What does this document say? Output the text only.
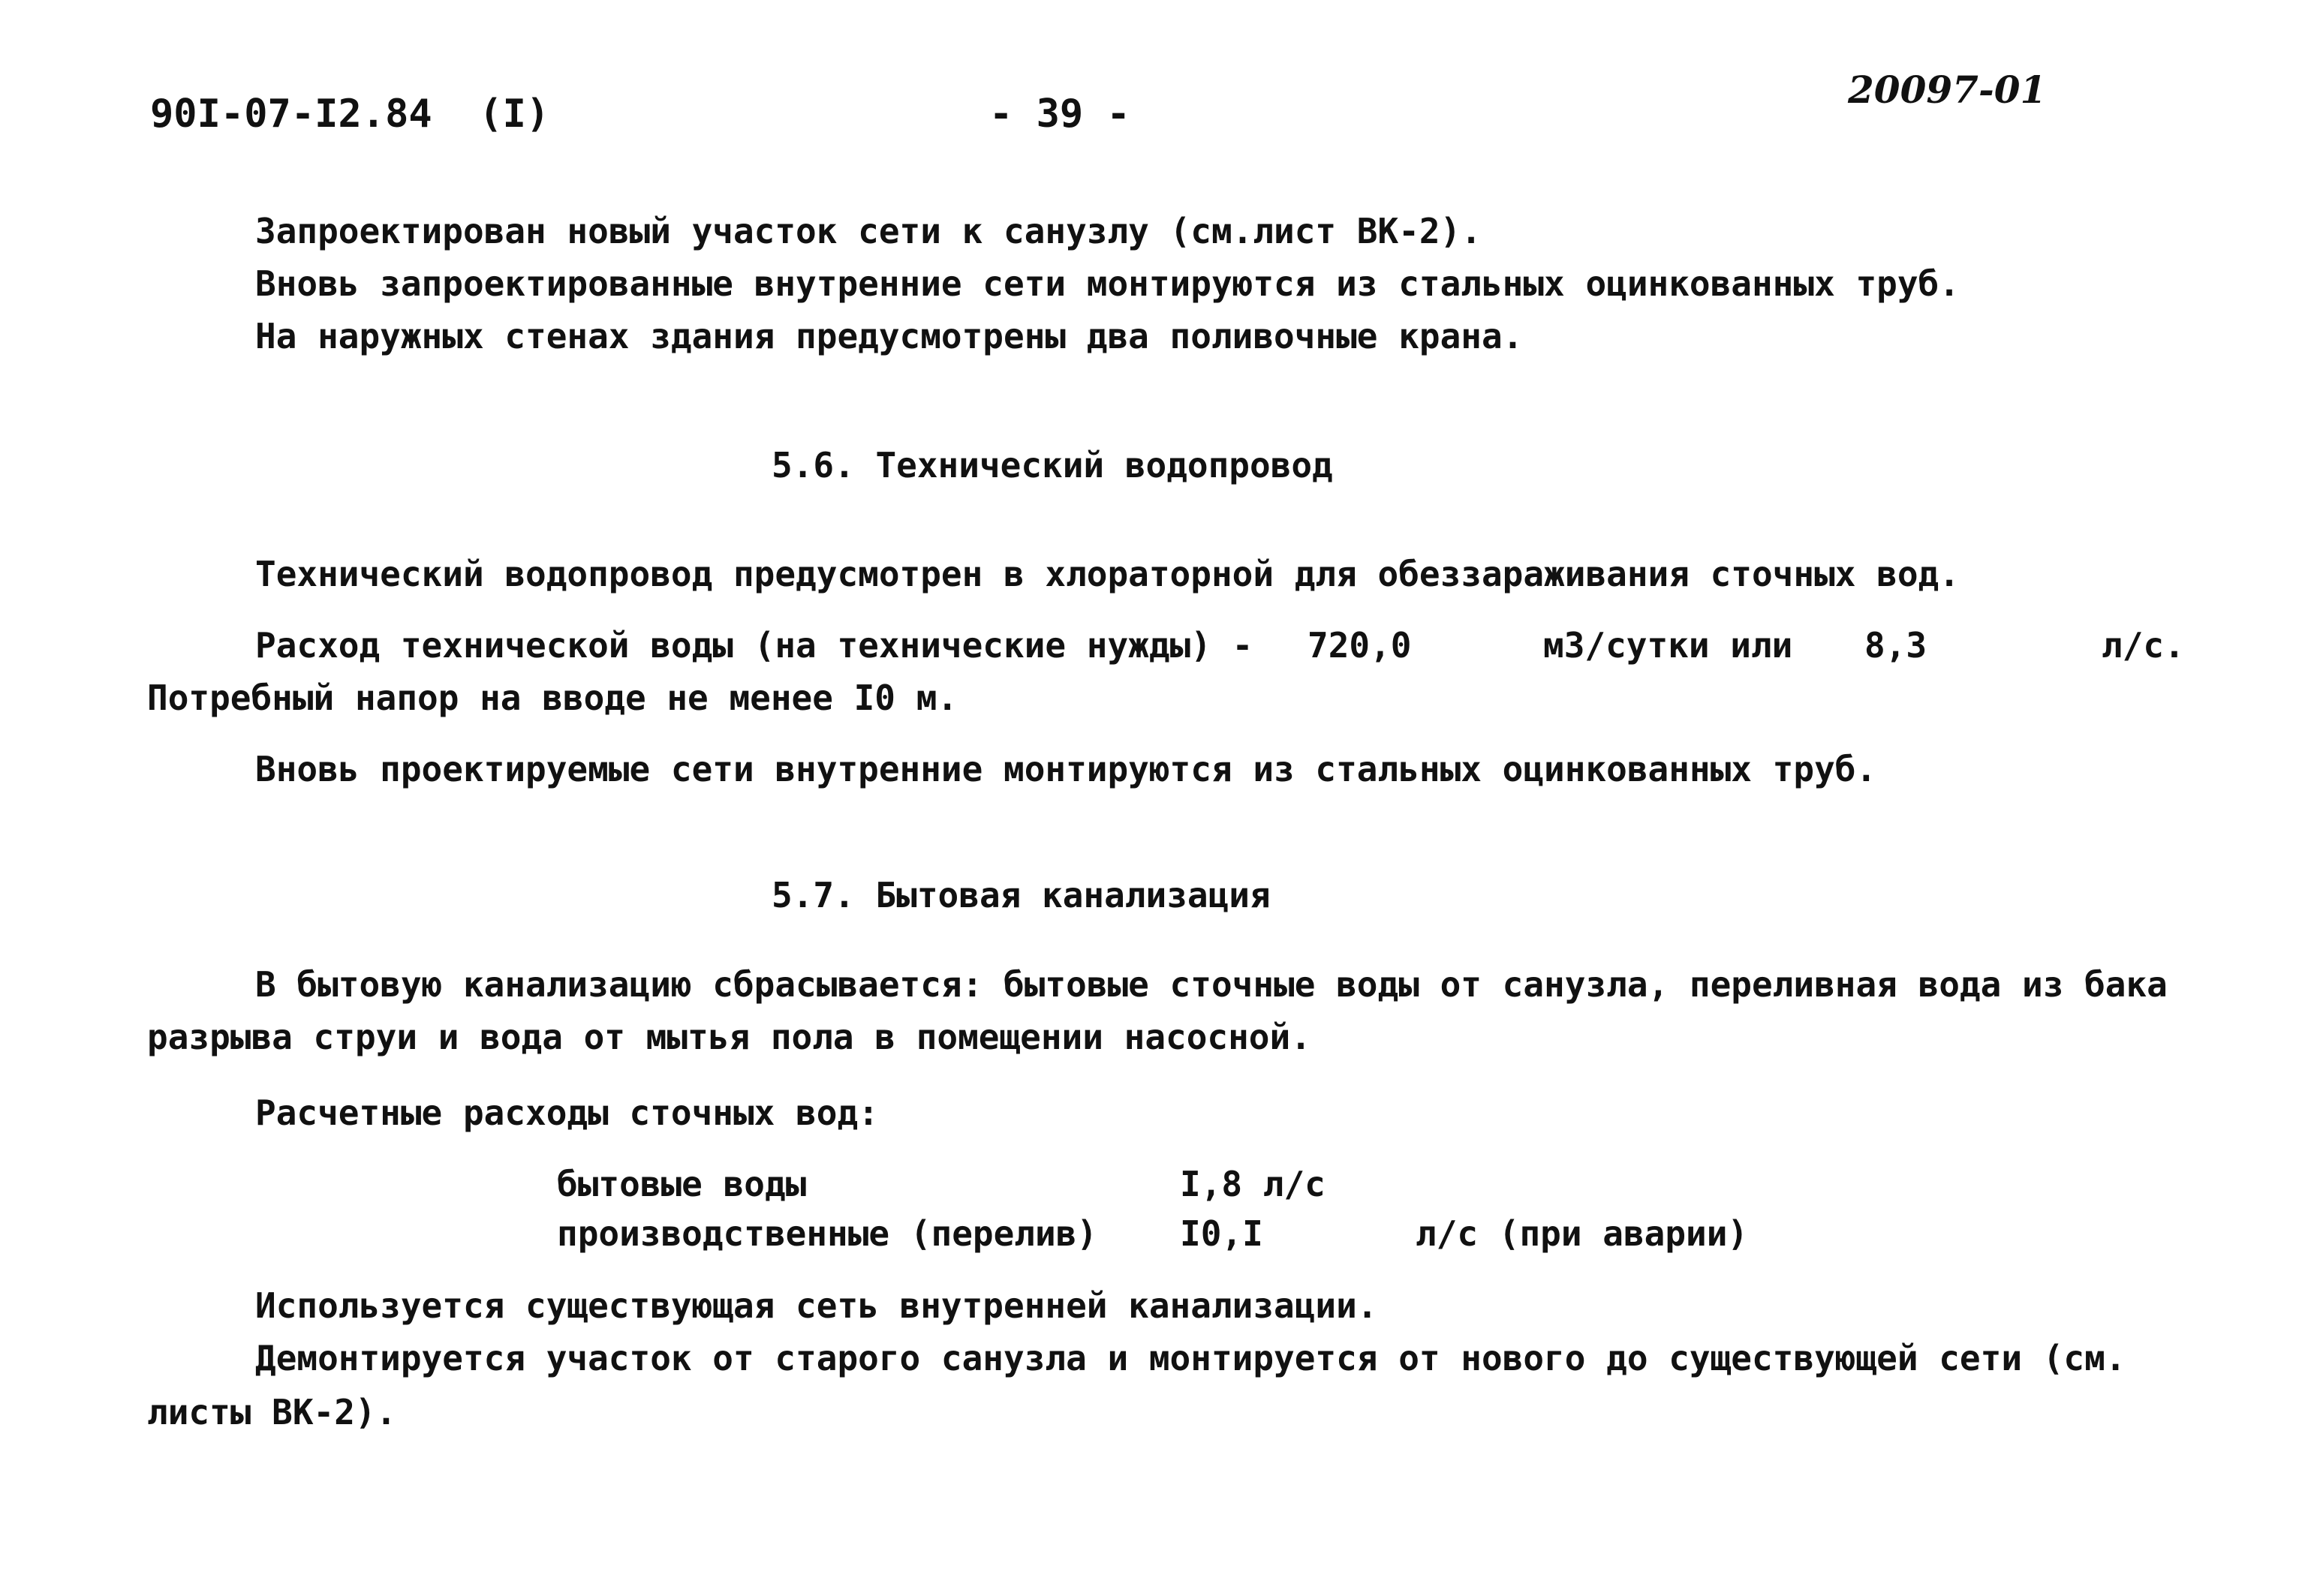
90I-07-I2.84  (I)	- 39 -
20097-01
Запроектирован новый участок сети к санузлу (см.лист ВК-2).
Вновь запроектированные внутренние сети монтируются из стальных оцинкованных труб.
На наружных стенах здания предусмотрены два поливочные крана.
5.6. Технический водопровод
Технический водопровод предусмотрен в хлораторной для обеззараживания сточных вод.
Расход технической воды (на технические нужды) - 720,0	м3/сутки или 8,3	л/с.
Потребный напор на вводе не менее I0 м.
Вновь проектируемые сети внутренние монтируются из стальных оцинкованных труб.
5.7. Бытовая канализация
В бытовую канализацию сбрасывается: бытовые сточные воды от санузла, переливная вода из бака
разрыва струи и вода от мытья пола в помещении насосной.
Расчетные расходы сточных вод:
бытовые воды	I,8 л/с
производственные (перелив) I0,I	л/с (при аварии)
Используется существующая сеть внутренней канализации.
Демонтируется участок от старого санузла и монтируется от нового до существующей сети (см.
листы ВК-2).
